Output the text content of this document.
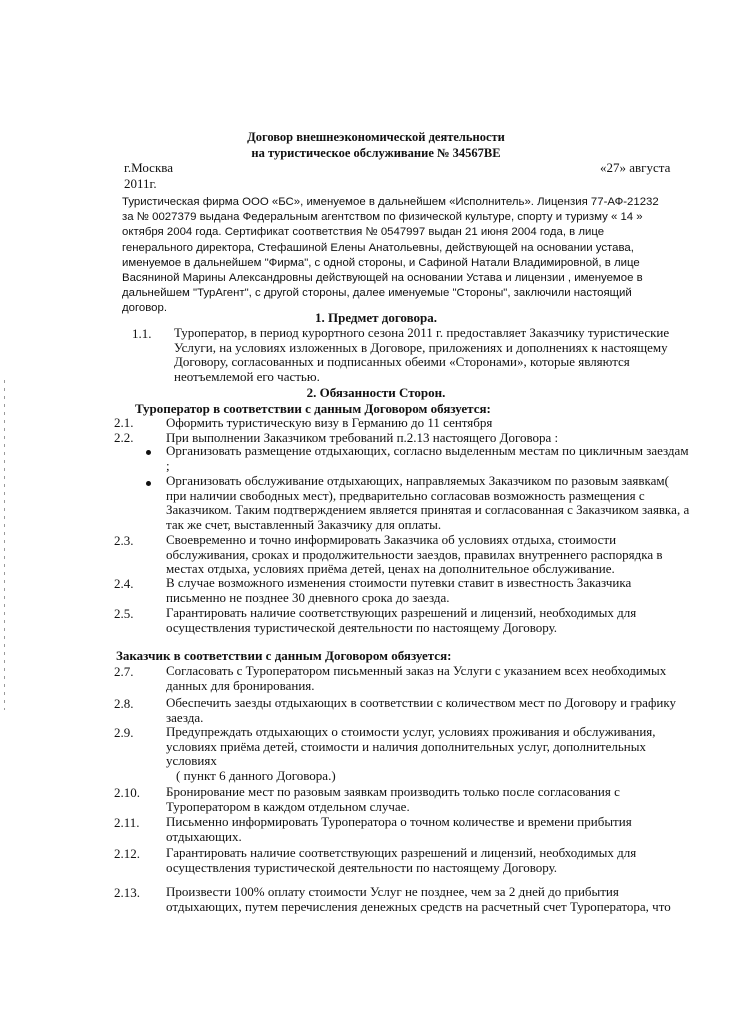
Договор внешнеэкономической деятельности
на туристическое обслуживание № 34567ВЕ
г.Москва
2011г.
«27» августа
Туристическая фирма ООО «БС», именуемое в дальнейшем «Исполнитель». Лицензия 77-АФ-21232
за № 0027379 выдана Федеральным агентством по физической культуре, спорту и туризму « 14 »
октября 2004 года. Сертификат соответствия № 0547997 выдан 21 июня 2004 года, в лице
генерального директора, Стефашиной Елены Анатольевны, действующей на основании устава,
именуемое в дальнейшем "Фирма", с одной стороны, и Сафиной Натали Владимировной, в лице
Васяниной Марины Александровны действующей на основании Устава и лицензии , именуемое в
дальнейшем "ТурАгент", с другой стороны, далее именуемые "Стороны", заключили настоящий
договор.
1. Предмет договора.
1.1. Туроператор, в период курортного сезона 2011 г. предоставляет Заказчику туристические
Услуги, на условиях изложенных в Договоре, приложениях и дополнениях к настоящему
Договору, согласованных и подписанных обеими «Сторонами», которые являются
неотъемлемой его частью.
2. Обязанности Сторон.
Туроператор в соответствии с данным Договором обязуется:
2.1.	Оформить туристическую визу в Германию до 11 сентября
2.2.	При выполнении Заказчиком требований п.2.13 настоящего Договора :
Организовать размещение отдыхающих, согласно выделенным местам по цикличным заездам
;
Организовать обслуживание отдыхающих, направляемых Заказчиком по разовым заявкам(
при наличии свободных мест), предварительно согласовав возможность размещения с
Заказчиком. Таким подтверждением является принятая и согласованная с Заказчиком заявка, а
так же счет, выставленный Заказчику для оплаты.
2.3.	Своевременно и точно информировать Заказчика об условиях отдыха, стоимости
обслуживания, сроках и продолжительности заездов, правилах внутреннего распорядка в
местах отдыха, условиях приёма детей, ценах на дополнительное обслуживание.
2.4.	В случае возможного изменения стоимости путевки ставит в известность Заказчика
письменно не позднее 30 дневного срока до заезда.
2.5.	Гарантировать наличие соответствующих разрешений и лицензий, необходимых для
осуществления туристической деятельности по настоящему Договору.
Заказчик в соответствии с данным Договором обязуется:
2.7.	Согласовать с Туроператором письменный заказ на Услуги с указанием всех необходимых
данных для бронирования.
2.8.	Обеспечить заезды отдыхающих в соответствии с количеством мест по Договору и графику
заезда.
2.9.	Предупреждать отдыхающих о стоимости услуг, условиях проживания и обслуживания,
условиях приёма детей, стоимости и наличия дополнительных услуг, дополнительных
условиях
( пункт 6 данного Договора.)
2.10. Бронирование мест по разовым заявкам производить только после согласования с
Туроператором в каждом отдельном случае.
2.11. Письменно информировать Туроператора о точном количестве и времени прибытия
отдыхающих.
2.12. Гарантировать наличие соответствующих разрешений и лицензий, необходимых для
осуществления туристической деятельности по настоящему Договору.
2.13. Произвести 100% оплату стоимости Услуг не позднее, чем за 2 дней до прибытия
отдыхающих, путем перечисления денежных средств на расчетный счет Туроператора, что
